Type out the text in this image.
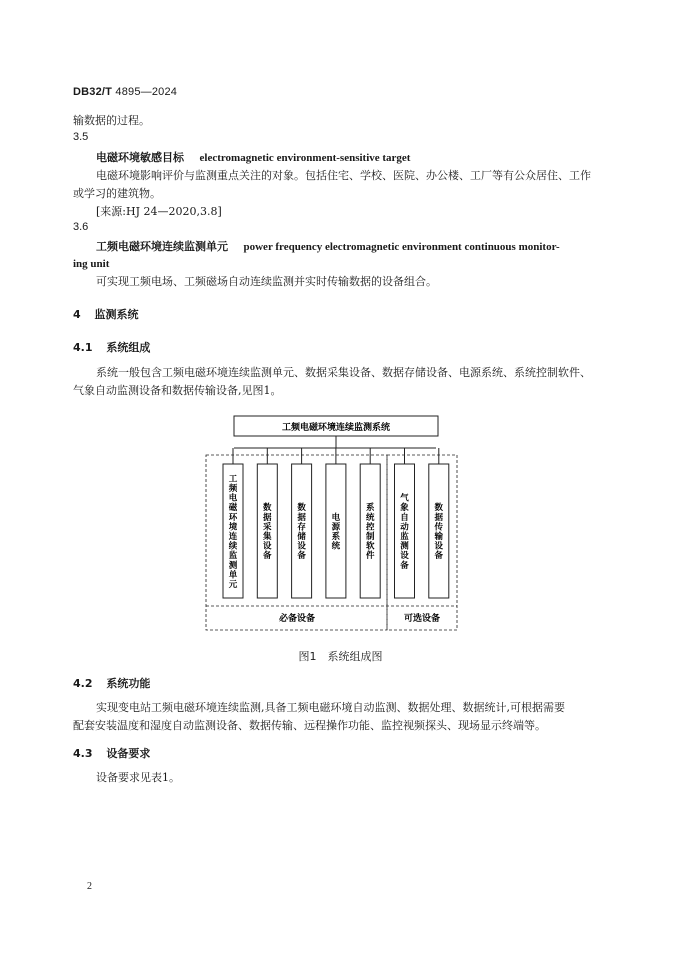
DB32/T 4895—2024
输数据的过程。
3.5
电磁环境敏感目标 electromagnetic environment-sensitive target
电磁环境影响评价与监测重点关注的对象。包括住宅、学校、医院、办公楼、工厂等有公众居住、工作
或学习的建筑物。
[来源:HJ 24—2020,3.8]
3.6
工频电磁环境连续监测单元 power frequency electromagnetic environment continuous monitor-
ing unit
可实现工频电场、工频磁场自动连续监测并实时传输数据的设备组合。
4 监测系统
4.1 系统组成
系统一般包含工频电磁环境连续监测单元、数据采集设备、数据存储设备、电源系统、系统控制软件、
气象自动监测设备和数据传输设备,见图1。
工频电磁环境连续监测系统
必备设备	可选设备
工频电磁环境连续监测单元
数据采集设备
数据存储设备
电源系统
系统控制软件
气象自动监测设备
数据传输设备
图1　系统组成图
4.2 系统功能
实现变电站工频电磁环境连续监测,具备工频电磁环境自动监测、数据处理、数据统计,可根据需要
配套安装温度和湿度自动监测设备、数据传输、远程操作功能、监控视频探头、现场显示终端等。
4.3 设备要求
设备要求见表1。
2
